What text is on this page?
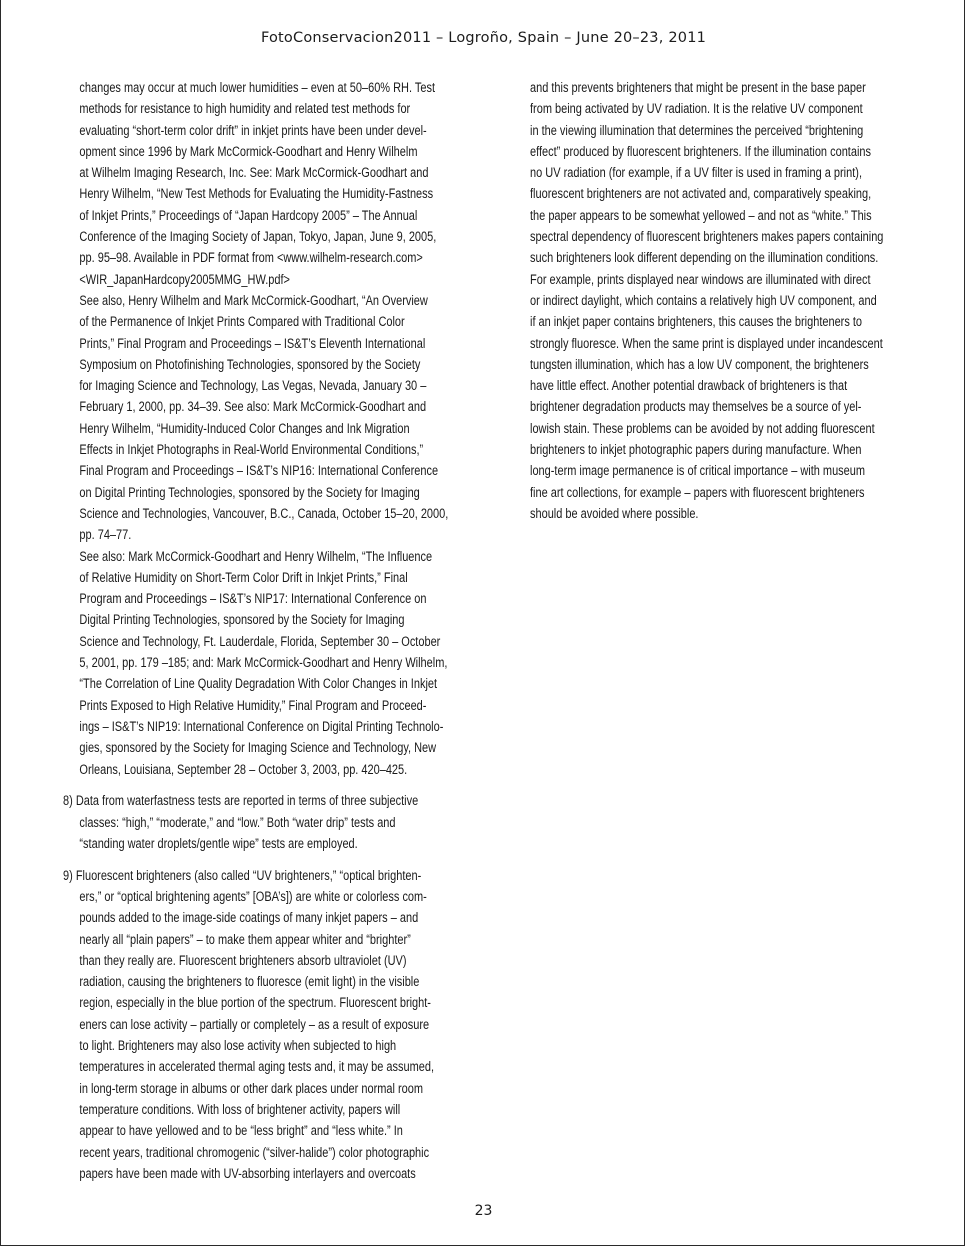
FotoConservacion2011 – Logroño, Spain – June 20–23, 2011
changes may occur at much lower humidities – even at 50–60% RH. Test
methods for resistance to high humidity and related test methods for
evaluating “short-term color drift” in inkjet prints have been under devel-
opment since 1996 by Mark McCormick-Goodhart and Henry Wilhelm
at Wilhelm Imaging Research, Inc. See: Mark McCormick-Goodhart and
Henry Wilhelm, “New Test Methods for Evaluating the Humidity-Fastness
of Inkjet Prints,” Proceedings of “Japan Hardcopy 2005” – The Annual
Conference of the Imaging Society of Japan, Tokyo, Japan, June 9, 2005,
pp. 95–98. Available in PDF format from <www.wilhelm-research.com>
<WIR_JapanHardcopy2005MMG_HW.pdf>
See also, Henry Wilhelm and Mark McCormick-Goodhart, “An Overview
of the Permanence of Inkjet Prints Compared with Traditional Color
Prints,” Final Program and Proceedings – IS&T’s Eleventh International
Symposium on Photofinishing Technologies, sponsored by the Society
for Imaging Science and Technology, Las Vegas, Nevada, January 30 –
February 1, 2000, pp. 34–39. See also: Mark McCormick-Goodhart and
Henry Wilhelm, “Humidity-Induced Color Changes and Ink Migration
Effects in Inkjet Photographs in Real-World Environmental Conditions,”
Final Program and Proceedings – IS&T’s NIP16: International Conference
on Digital Printing Technologies, sponsored by the Society for Imaging
Science and Technologies, Vancouver, B.C., Canada, October 15–20, 2000,
pp. 74–77.
See also: Mark McCormick-Goodhart and Henry Wilhelm, “The Influence
of Relative Humidity on Short-Term Color Drift in Inkjet Prints,” Final
Program and Proceedings – IS&T’s NIP17: International Conference on
Digital Printing Technologies, sponsored by the Society for Imaging
Science and Technology, Ft. Lauderdale, Florida, September 30 – October
5, 2001, pp. 179 –185; and: Mark McCormick-Goodhart and Henry Wilhelm,
“The Correlation of Line Quality Degradation With Color Changes in Inkjet
Prints Exposed to High Relative Humidity,” Final Program and Proceed-
ings – IS&T’s NIP19: International Conference on Digital Printing Technolo-
gies, sponsored by the Society for Imaging Science and Technology, New
Orleans, Louisiana, September 28 – October 3, 2003, pp. 420–425.
8) Data from waterfastness tests are reported in terms of three subjective
classes: “high,” “moderate,” and “low.” Both “water drip” tests and
“standing water droplets/gentle wipe” tests are employed.
9) Fluorescent brighteners (also called “UV brighteners,” “optical brighten-
ers,” or “optical brightening agents” [OBA’s]) are white or colorless com-
pounds added to the image-side coatings of many inkjet papers – and
nearly all “plain papers” – to make them appear whiter and “brighter”
than they really are. Fluorescent brighteners absorb ultraviolet (UV)
radiation, causing the brighteners to fluoresce (emit light) in the visible
region, especially in the blue portion of the spectrum. Fluorescent bright-
eners can lose activity – partially or completely – as a result of exposure
to light. Brighteners may also lose activity when subjected to high
temperatures in accelerated thermal aging tests and, it may be assumed,
in long-term storage in albums or other dark places under normal room
temperature conditions. With loss of brightener activity, papers will
appear to have yellowed and to be “less bright” and “less white.” In
recent years, traditional chromogenic (“silver-halide”) color photographic
papers have been made with UV-absorbing interlayers and overcoats
and this prevents brighteners that might be present in the base paper
from being activated by UV radiation. It is the relative UV component
in the viewing illumination that determines the perceived “brightening
effect” produced by fluorescent brighteners. If the illumination contains
no UV radiation (for example, if a UV filter is used in framing a print),
fluorescent brighteners are not activated and, comparatively speaking,
the paper appears to be somewhat yellowed – and not as “white.” This
spectral dependency of fluorescent brighteners makes papers containing
such brighteners look different depending on the illumination conditions.
For example, prints displayed near windows are illuminated with direct
or indirect daylight, which contains a relatively high UV component, and
if an inkjet paper contains brighteners, this causes the brighteners to
strongly fluoresce. When the same print is displayed under incandescent
tungsten illumination, which has a low UV component, the brighteners
have little effect. Another potential drawback of brighteners is that
brightener degradation products may themselves be a source of yel-
lowish stain. These problems can be avoided by not adding fluorescent
brighteners to inkjet photographic papers during manufacture. When
long-term image permanence is of critical importance – with museum
fine art collections, for example – papers with fluorescent brighteners
should be avoided where possible.
23
